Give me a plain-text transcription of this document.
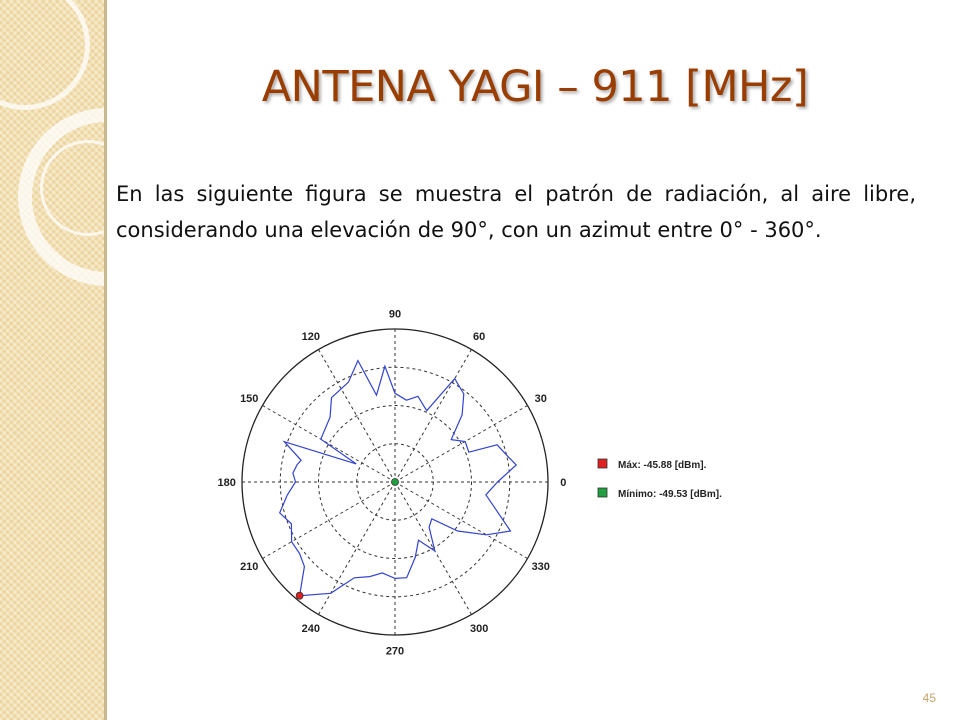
ANTENA YAGI – 911 [MHz]

En las siguiente figura se muestra el patrón de radiación, al aire libre, considerando una elevación de 90°, con un azimut entre 0° - 360°.

0
30
60
90
120
150
180
210
240
270
300
330
Máx: -45.88 [dBm].
Mínimo: -49.53 [dBm].
45
